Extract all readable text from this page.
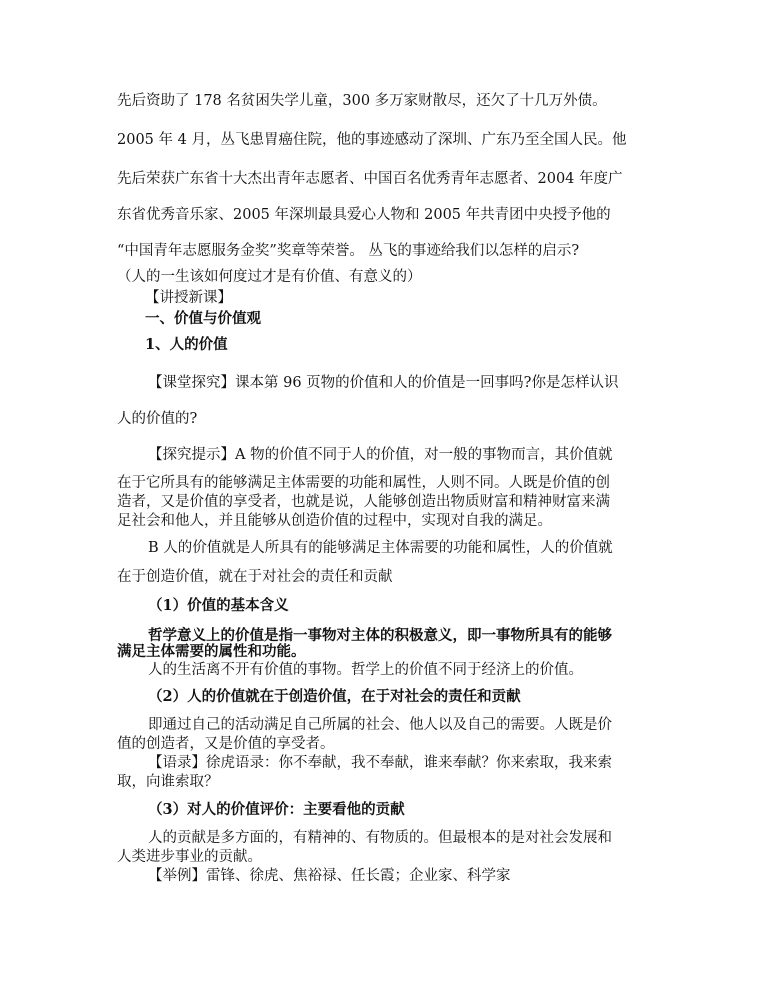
先后资助了 178 名贫困失学儿童，300 多万家财散尽，还欠了十几万外债。

2005 年 4 月，丛飞患胃癌住院，他的事迹感动了深圳、广东乃至全国人民。他

先后荣获广东省十大杰出青年志愿者、中国百名优秀青年志愿者、2004 年度广

东省优秀音乐家、2005 年深圳最具爱心人物和 2005 年共青团中央授予他的

“中国青年志愿服务金奖”奖章等荣誉。 丛飞的事迹给我们以怎样的启示?

（人的一生该如何度过才是有价值、有意义的）

【讲授新课】

一、价值与价值观

1、人的价值

【课堂探究】课本第 96 页物的价值和人的价值是一回事吗?你是怎样认识

人的价值的?

【探究提示】A 物的价值不同于人的价值，对一般的事物而言，其价值就

在于它所具有的能够满足主体需要的功能和属性，人则不同。人既是价值的创

造者，又是价值的享受者，也就是说，人能够创造出物质财富和精神财富来满

足社会和他人，并且能够从创造价值的过程中，实现对自我的满足。

B 人的价值就是人所具有的能够满足主体需要的功能和属性，人的价值就

在于创造价值，就在于对社会的责任和贡献

（1）价值的基本含义

哲学意义上的价值是指一事物对主体的积极意义，即一事物所具有的能够

满足主体需要的属性和功能。

人的生活离不开有价值的事物。哲学上的价值不同于经济上的价值。

（2）人的价值就在于创造价值，在于对社会的责任和贡献

即通过自己的活动满足自己所属的社会、他人以及自己的需要。人既是价

值的创造者，又是价值的享受者。

【语录】徐虎语录：你不奉献，我不奉献，谁来奉献？你来索取，我来索

取，向谁索取？

（3）对人的价值评价：主要看他的贡献

人的贡献是多方面的，有精神的、有物质的。但最根本的是对社会发展和

人类进步事业的贡献。

【举例】雷锋、徐虎、焦裕禄、任长霞；企业家、科学家
